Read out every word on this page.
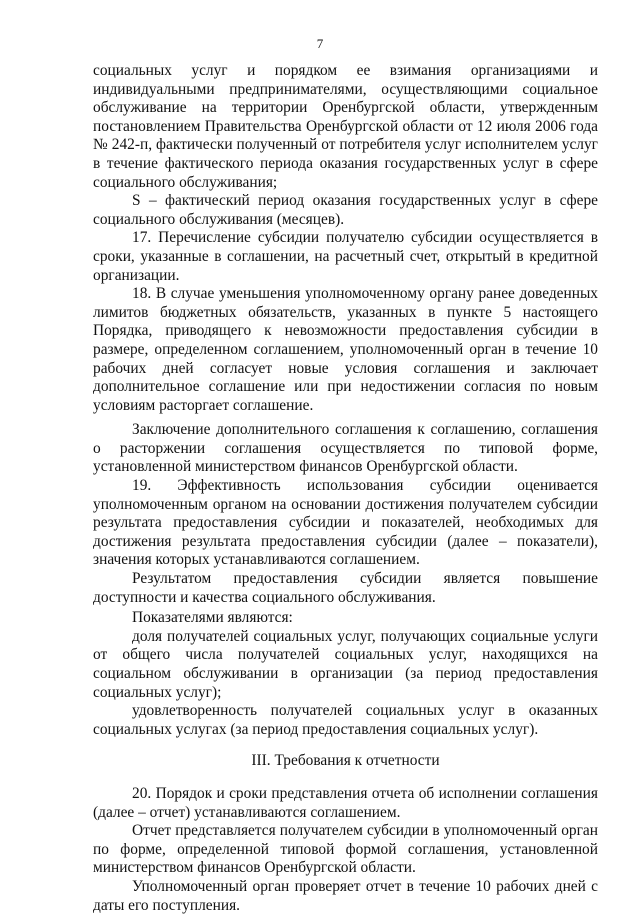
7

социальных услуг и порядком ее взимания организациями и индивидуальными предпринимателями, осуществляющими социальное обслуживание на территории Оренбургской области, утвержденным постановлением Правительства Оренбургской области от 12 июля 2006 года № 242-п, фактически полученный от потребителя услуг исполнителем услуг в течение фактического периода оказания государственных услуг в сфере социального обслуживания;

S – фактический период оказания государственных услуг в сфере социального обслуживания (месяцев).

17. Перечисление субсидии получателю субсидии осуществляется в сроки, указанные в соглашении, на расчетный счет, открытый в кредитной организации.

18. В случае уменьшения уполномоченному органу ранее доведенных лимитов бюджетных обязательств, указанных в пункте 5 настоящего Порядка, приводящего к невозможности предоставления субсидии в размере, определенном соглашением, уполномоченный орган в течение 10 рабочих дней согласует новые условия соглашения и заключает дополнительное соглашение или при недостижении согласия по новым условиям расторгает соглашение.

Заключение дополнительного соглашения к соглашению, соглашения о расторжении соглашения осуществляется по типовой форме, установленной министерством финансов Оренбургской области.

19. Эффективность использования субсидии оценивается уполномоченным органом на основании достижения получателем субсидии результата предоставления субсидии и показателей, необходимых для достижения результата предоставления субсидии (далее – показатели), значения которых устанавливаются соглашением.

Результатом предоставления субсидии является повышение доступности и качества социального обслуживания.

Показателями являются:

доля получателей социальных услуг, получающих социальные услуги от общего числа получателей социальных услуг, находящихся на социальном обслуживании в организации (за период предоставления социальных услуг);

удовлетворенность получателей социальных услуг в оказанных социальных услугах (за период предоставления социальных услуг).

III. Требования к отчетности

20. Порядок и сроки представления отчета об исполнении соглашения (далее – отчет) устанавливаются соглашением.

Отчет представляется получателем субсидии в уполномоченный орган по форме, определенной типовой формой соглашения, установленной министерством финансов Оренбургской области.

Уполномоченный орган проверяет отчет в течение 10 рабочих дней с даты его поступления.
